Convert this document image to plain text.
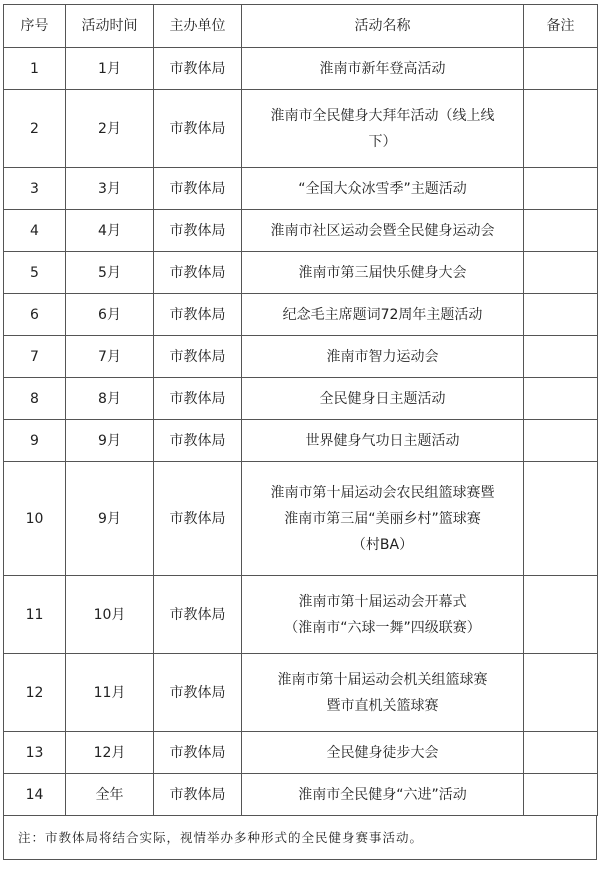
序号	活动时间	主办单位	活动名称	备注
1	1月	市教体局	淮南市新年登高活动	

2	2月	市教体局	淮南市全民健身大拜年活动（线上线
下）	

3	3月	市教体局	“全国大众冰雪季”主题活动	

4	4月	市教体局	淮南市社区运动会暨全民健身运动会	

5	5月	市教体局	淮南市第三届快乐健身大会	

6	6月	市教体局	纪念毛主席题词72周年主题活动	

7	7月	市教体局	淮南市智力运动会	

8	8月	市教体局	全民健身日主题活动	

9	9月	市教体局	世界健身气功日主题活动	

10	9月	市教体局	淮南市第十届运动会农民组篮球赛暨
淮南市第三届“美丽乡村”篮球赛
（村BA）	

11	10月	市教体局	淮南市第十届运动会开幕式
（淮南市“六球一舞”四级联赛）	

12	11月	市教体局	淮南市第十届运动会机关组篮球赛
暨市直机关篮球赛	

13	12月	市教体局	全民健身徒步大会	

14	全年	市教体局	淮南市全民健身“六进”活动	

注：市教体局将结合实际，视情举办多种形式的全民健身赛事活动。
